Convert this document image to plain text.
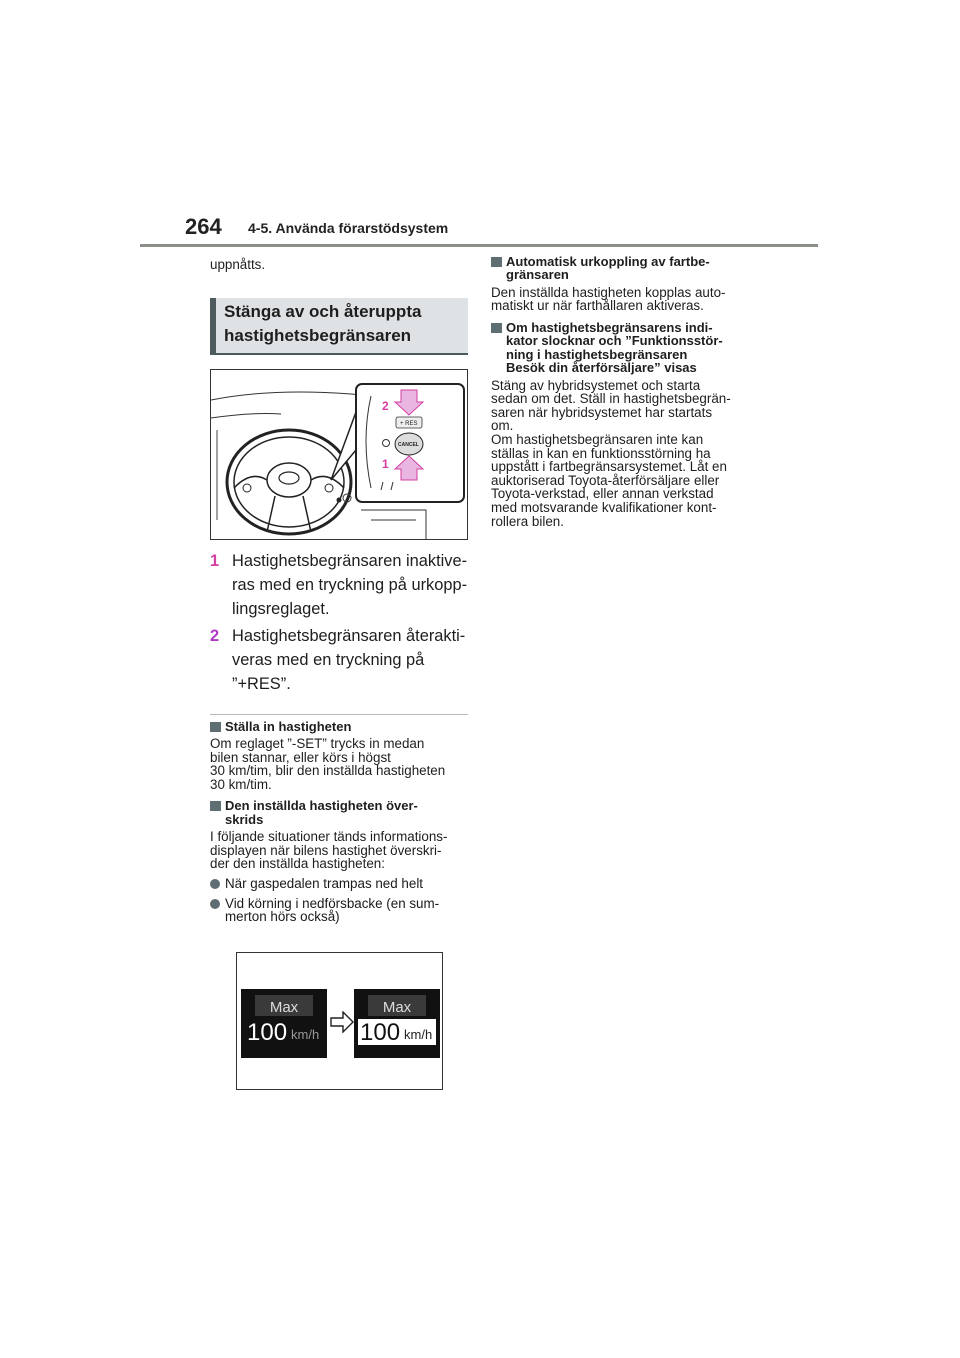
264 4-5. Använda förarstödsystem
uppnåtts.
Stänga av och återuppta
hastighetsbegränsaren
2
1
+ RES
CANCEL
1 Hastighetsbegränsaren inaktive-
ras med en tryckning på urkopp-
lingsreglaget.
2 Hastighetsbegränsaren återakti-
veras med en tryckning på
”+RES”.
Ställa in hastigheten
Om reglaget ”-SET” trycks in medan
bilen stannar, eller körs i högst
30 km/tim, blir den inställda hastigheten
30 km/tim.
Den inställda hastigheten över-
skrids
I följande situationer tänds informations-
displayen när bilens hastighet överskri-
der den inställda hastigheten:
När gaspedalen trampas ned helt
Vid körning i nedförsbacke (en sum-
merton hörs också)
Max
100 km/h
Max
100 km/h
Automatisk urkoppling av fartbe-
gränsaren
Den inställda hastigheten kopplas auto-
matiskt ur när farthållaren aktiveras.
Om hastighetsbegränsarens indi-
kator slocknar och ”Funktionsstör-
ning i hastighetsbegränsaren
Besök din återförsäljare” visas
Stäng av hybridsystemet och starta
sedan om det. Ställ in hastighetsbegrän-
saren när hybridsystemet har startats
om.
Om hastighetsbegränsaren inte kan
ställas in kan en funktionsstörning ha
uppstått i fartbegränsarsystemet. Låt en
auktoriserad Toyota-återförsäljare eller
Toyota-verkstad, eller annan verkstad
med motsvarande kvalifikationer kont-
rollera bilen.
